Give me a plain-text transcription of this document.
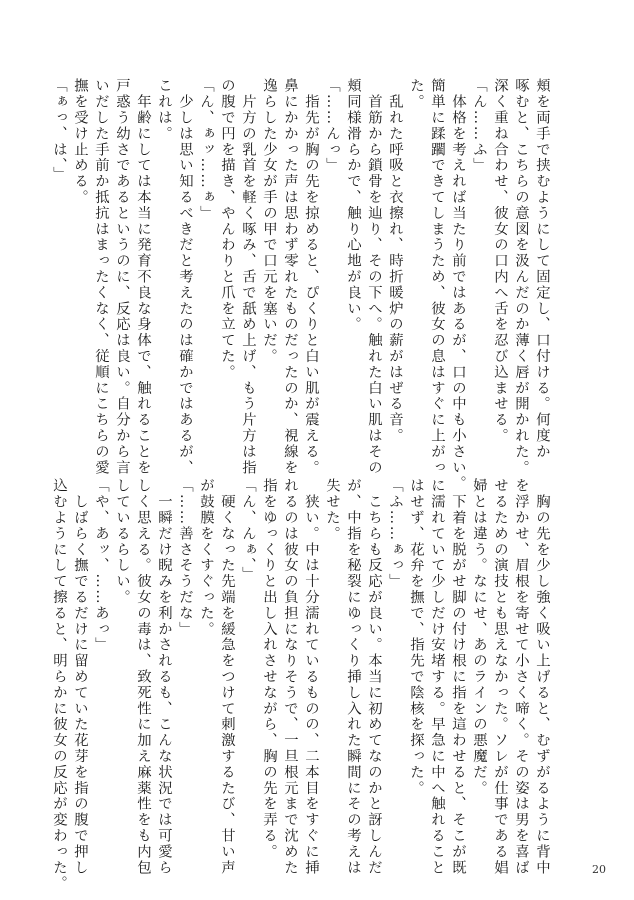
頬を両手で挟むようにして固定し、口付ける。何度か

啄むと、こちらの意図を汲んだのか薄く唇が開かれた。

深く重ね合わせ、彼女の口内へ舌を忍び込ませる。

「ん……ふ」

　体格を考えれば当たり前ではあるが、口の中も小さい。

簡単に蹂躙できてしまうため、彼女の息はすぐに上がっ

た。

　乱れた呼吸と衣擦れ、時折暖炉の薪がはぜる音。

　首筋から鎖骨を辿り、その下へ。触れた白い肌はその

頬同様滑らかで、触り心地が良い。

「……んっ」

　指先が胸の先を掠めると、ぴくりと白い肌が震える。

鼻にかかった声は思わず零れたものだったのか、視線を

逸らした少女が手の甲で口元を塞いだ。

　片方の乳首を軽く啄み、舌で舐め上げ、もう片方は指

の腹で円を描き、やんわりと爪を立てた。

「ん、ぁッ……ぁ」

　少しは思い知るべきだと考えたのは確かではあるが、

これは。

　年齢にしては本当に発育不良な身体で、触れることを

戸惑う幼さであるというのに、反応は良い。自分から言

いだした手前か抵抗はまったくなく、従順にこちらの愛

撫を受け止める。

「ぁっ、は、」

　胸の先を少し強く吸い上げると、むずがるように背中

を浮かせ、眉根を寄せて小さく啼く。その姿は男を喜ば

せるための演技とも思えなかった。ソレが仕事である娼

婦とは違う。なにせ、あのラインの悪魔だ。

　下着を脱がせ脚の付け根に指を這わせると、そこが既

に濡れていて少しだけ安堵する。早急に中へ触れること

はせず、花弁を撫で、指先で陰核を探った。

「ふ……ぁっ」

　こちらも反応が良い。本当に初めてなのかと訝しんだ

が、中指を秘裂にゆっくり挿し入れた瞬間にその考えは

失せた。

　狭い。中は十分濡れているものの、二本目をすぐに挿

れるのは彼女の負担になりそうで、一旦根元まで沈めた

指をゆっくりと出し入れさせながら、胸の先を弄る。

「ん、んぁ、」

　硬くなった先端を緩急をつけて刺激するたび、甘い声

が鼓膜をくすぐった。

「……善さそうだな」

　一瞬だけ睨みを利かされるも、こんな状況では可愛ら

しく思える。彼女の毒は、致死性に加え麻薬性をも内包

しているらしい。

「や、あッ、……あっ」

　しばらく撫でるだけに留めていた花芽を指の腹で押し

込むようにして擦ると、明らかに彼女の反応が変わった。	20
